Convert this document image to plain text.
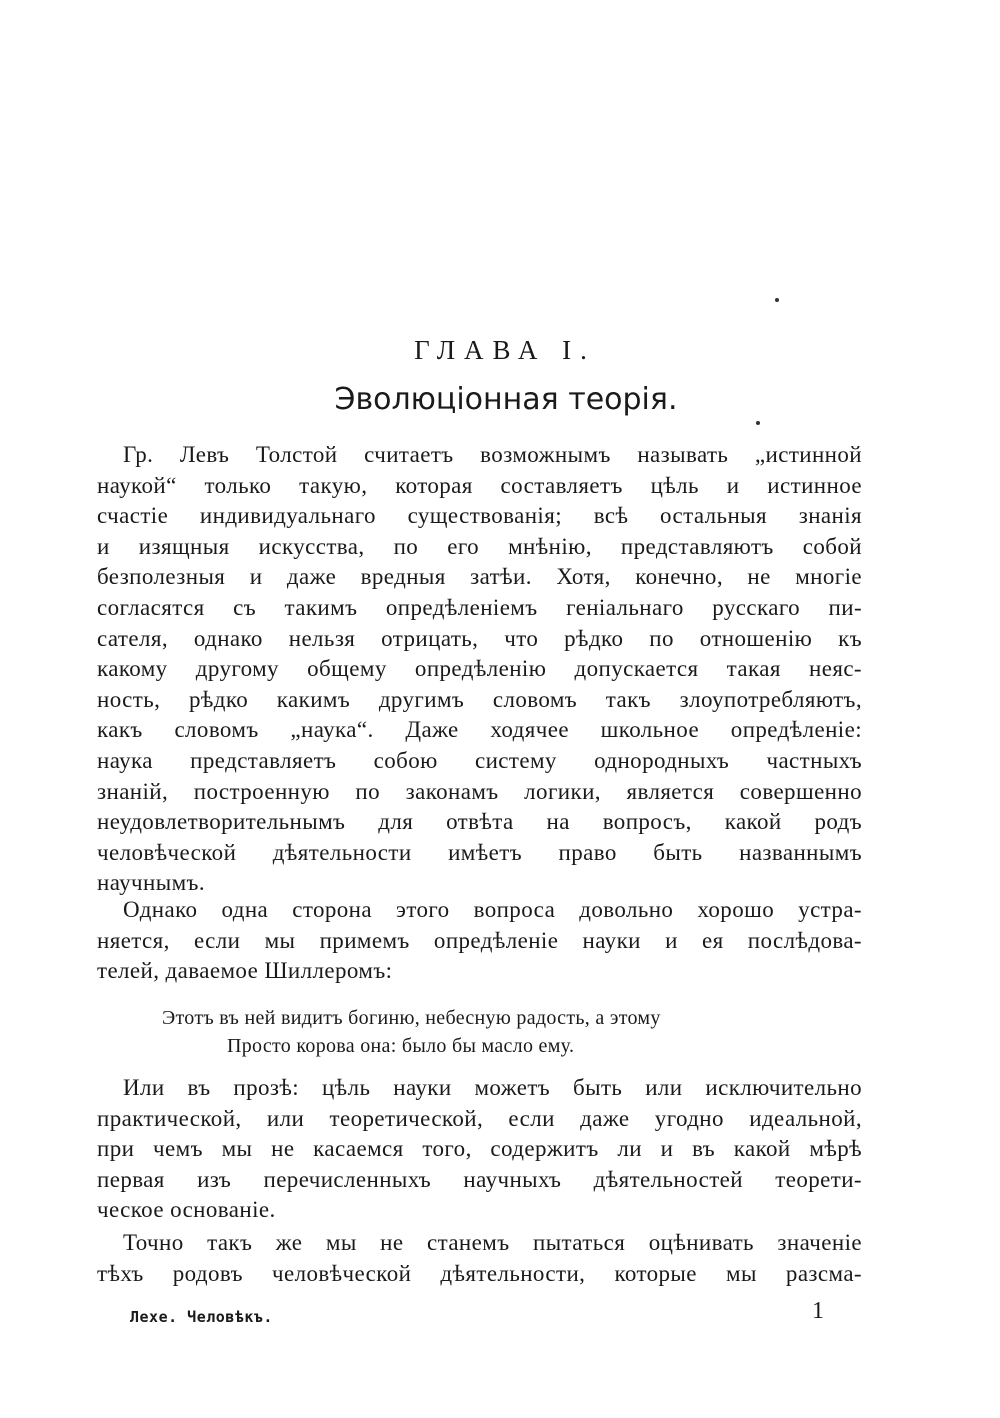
ГЛАВА I.
Эволюціонная теорія.
Гр. Левъ Толстой считаетъ возможнымъ называть „истинной
наукой“ только такую, которая составляетъ цѣль и истинное
счастіе индивидуальнаго существованія; всѣ остальныя знанія
и изящныя искусства, по его мнѣнію, представляютъ собой
безполезныя и даже вредныя затѣи. Хотя, конечно, не многіе
согласятся съ такимъ опредѣленіемъ геніальнаго русскаго пи-
сателя, однако нельзя отрицать, что рѣдко по отношенію къ
какому другому общему опредѣленію допускается такая неяс-
ность, рѣдко какимъ другимъ словомъ такъ злоупотребляютъ,
какъ словомъ „наука“. Даже ходячее школьное опредѣленіе:
наука представляетъ собою систему однородныхъ частныхъ
знаній, построенную по законамъ логики, является совершенно
неудовлетворительнымъ для отвѣта на вопросъ, какой родъ
человѣческой дѣятельности имѣетъ право быть названнымъ
научнымъ.
Однако одна сторона этого вопроса довольно хорошо устра-
няется, если мы примемъ опредѣленіе науки и ея послѣдова-
телей, даваемое Шиллеромъ:
Этотъ въ ней видитъ богиню, небесную радость, а этому
Просто корова она: было бы масло ему.
Или въ прозѣ: цѣль науки можетъ быть или исключительно
практической, или теоретической, если даже угодно идеальной,
при чемъ мы не касаемся того, содержитъ ли и въ какой мѣрѣ
первая изъ перечисленныхъ научныхъ дѣятельностей теорети-
ческое основаніе.
Точно такъ же мы не станемъ пытаться оцѣнивать значеніе
тѣхъ родовъ человѣческой дѣятельности, которые мы разсма-
Лехе. Человѣкъ.	1
